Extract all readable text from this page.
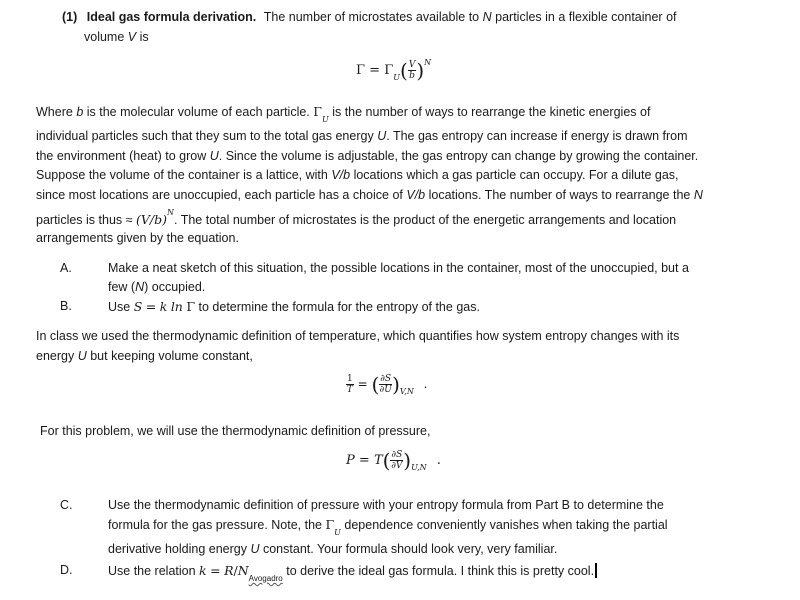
(1) Ideal gas formula derivation. The number of microstates available to N particles in a flexible container of
volume V is
$\Gamma = \Gamma_U( \frac{V}{b} )^N$
Where b is the molecular volume of each particle. $\Gamma_U$ is the number of ways to rearrange the kinetic energies of
individual particles such that they sum to the total gas energy U. The gas entropy can increase if energy is drawn from
the environment (heat) to grow U. Since the volume is adjustable, the gas entropy can change by growing the container.
Suppose the volume of the container is a lattice, with V/b locations which a gas particle can occupy. For a dilute gas,
since most locations are unoccupied, each particle has a choice of V/b locations. The number of ways to rearrange the N
particles is thus ≈ $(V/b)^N$. The total number of microstates is the product of the energetic arrangements and location
arrangements given by the equation.
A.	Make a neat sketch of this situation, the possible locations in the container, most of the unoccupied, but a
few (N) occupied.
B.	Use S = k ln Γ to determine the formula for the entropy of the gas.
In class we used the thermodynamic definition of temperature, which quantifies how system entropy changes with its
energy U but keeping volume constant,
$\frac{1}{T}$ = ( $\frac{\partial S}{\partial U} )_{V,N}$ .
For this problem, we will use the thermodynamic definition of pressure,
$P = T( \frac{\partial S}{\partial V} )_{U,N}$ .
C.	Use the thermodynamic definition of pressure with your entropy formula from Part B to determine the
formula for the gas pressure. Note, the $\Gamma_U$ dependence conveniently vanishes when taking the partial
derivative holding energy U constant. Your formula should look very, very familiar.
D.	Use the relation $k = R/N_{Avogadro}$ to derive the ideal gas formula. I think this is pretty cool.
